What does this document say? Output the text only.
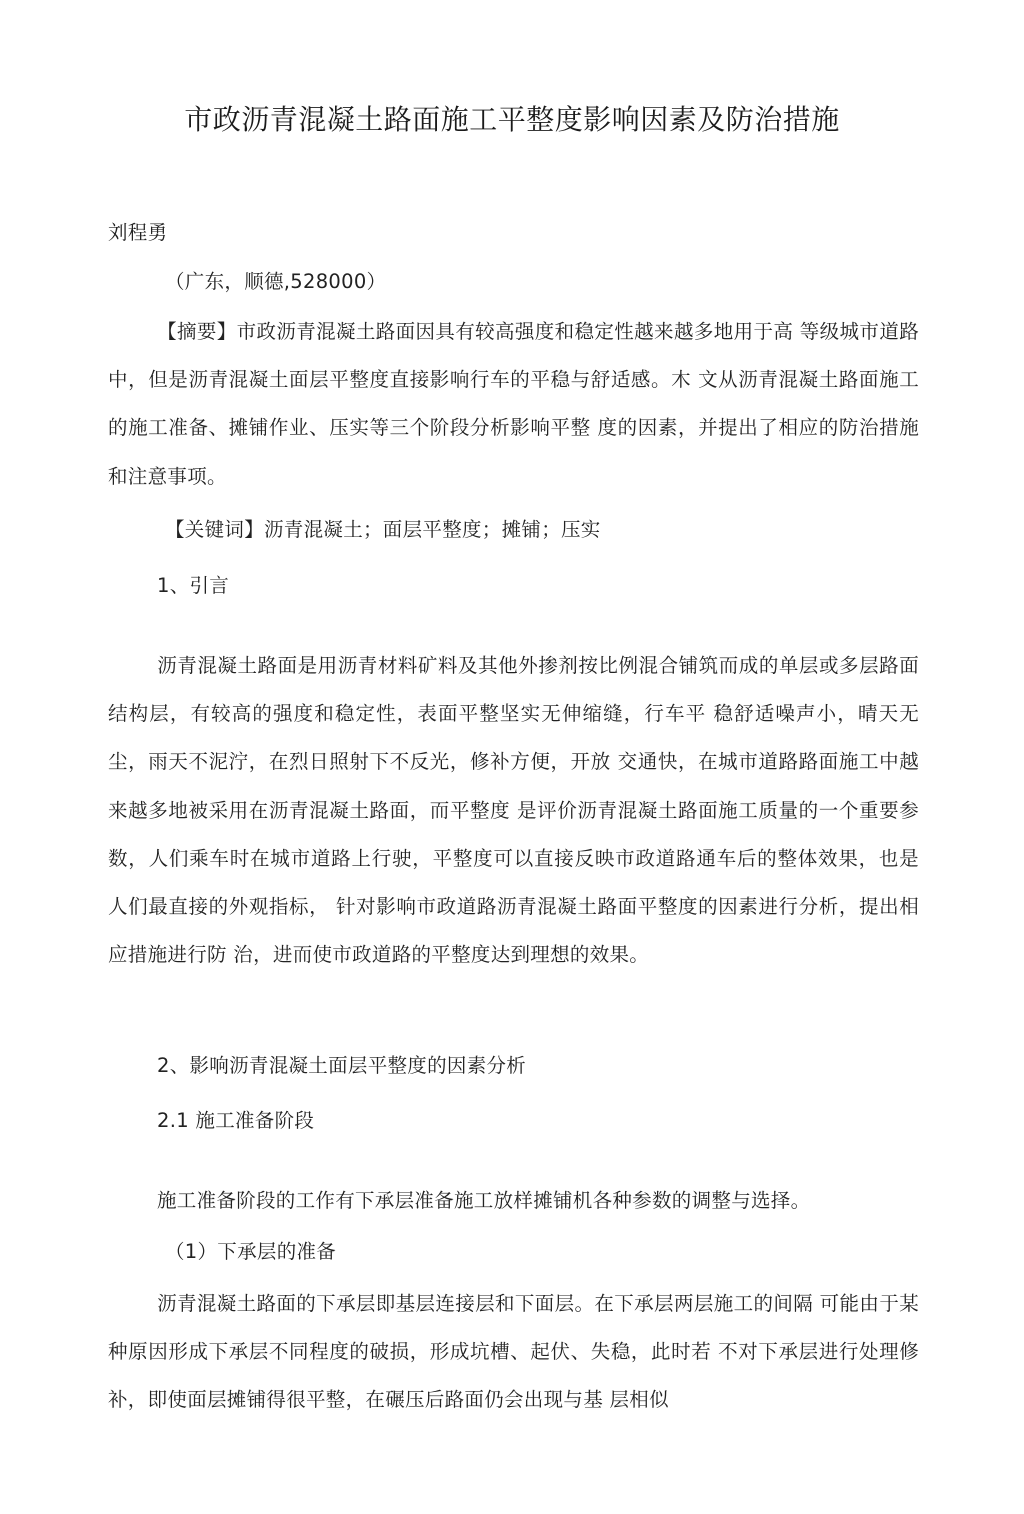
市政沥青混凝土路面施工平整度影响因素及防治措施
刘程勇
（广东，顺德,528000）

【摘要】市政沥青混凝土路面因具有较高强度和稳定性越来越多地用于高 等级城市道路中，但是沥青混凝土面层平整度直接影响行车的平稳与舒适感。木 文从沥青混凝土路面施工的施工准备、摊铺作业、压实等三个阶段分析影响平整 度的因素，并提出了相应的防治措施和注意事项。

【关键词】沥青混凝土；面层平整度；摊铺；压实
1、引言

沥青混凝土路面是用沥青材料矿料及其他外掺剂按比例混合铺筑而成的单层或多层路面结构层，有较高的强度和稳定性，表面平整坚实无伸缩缝，行车平 稳舒适噪声小，晴天无尘，雨天不泥泞，在烈日照射下不反光，修补方便，开放 交通快，在城市道路路面施工中越来越多地被采用在沥青混凝土路面，而平整度 是评价沥青混凝土路面施工质量的一个重要参数，人们乘车时在城市道路上行驶，平整度可以直接反映市政道路通车后的整体效果，也是人们最直接的外观指标， 针对影响市政道路沥青混凝土路面平整度的因素进行分析，提出相应措施进行防 治，进而使市政道路的平整度达到理想的效果。

2、影响沥青混凝土面层平整度的因素分析
2.1 施工准备阶段
施工准备阶段的工作有下承层准备施工放样摊铺机各种参数的调整与选择。
（1）下承层的准备

沥青混凝土路面的下承层即基层连接层和下面层。在下承层两层施工的间隔 可能由于某种原因形成下承层不同程度的破损，形成坑槽、起伏、失稳，此时若 不对下承层进行处理修补，即使面层摊铺得很平整，在碾压后路面仍会出现与基 层相似
